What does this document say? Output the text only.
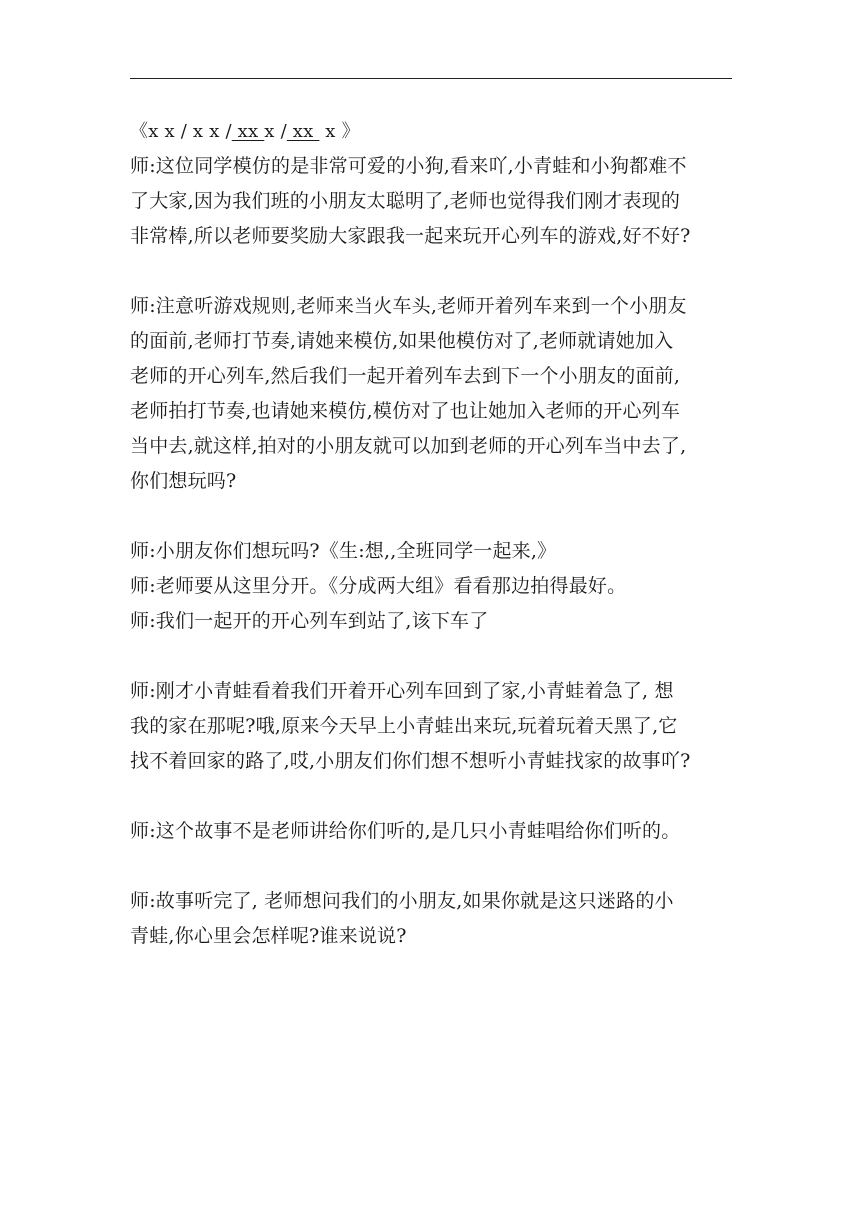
《x x / x x / xx x / xx  x 》
师:这位同学模仿的是非常可爱的小狗,看来吖,小青蛙和小狗都难不
了大家,因为我们班的小朋友太聪明了,老师也觉得我们刚才表现的
非常棒,所以老师要奖励大家跟我一起来玩开心列车的游戏,好不好?
师:注意听游戏规则,老师来当火车头,老师开着列车来到一个小朋友
的面前,老师打节奏,请她来模仿,如果他模仿对了,老师就请她加入
老师的开心列车,然后我们一起开着列车去到下一个小朋友的面前,
老师拍打节奏,也请她来模仿,模仿对了也让她加入老师的开心列车
当中去,就这样,拍对的小朋友就可以加到老师的开心列车当中去了,
你们想玩吗?
师:小朋友你们想玩吗?《生:想,,全班同学一起来,》
师:老师要从这里分开。《分成两大组》看看那边拍得最好。
师:我们一起开的开心列车到站了,该下车了
师:刚才小青蛙看着我们开着开心列车回到了家,小青蛙着急了, 想
我的家在那呢?哦,原来今天早上小青蛙出来玩,玩着玩着天黑了,它
找不着回家的路了,哎,小朋友们你们想不想听小青蛙找家的故事吖?
师:这个故事不是老师讲给你们听的,是几只小青蛙唱给你们听的。
师:故事听完了, 老师想问我们的小朋友,如果你就是这只迷路的小
青蛙,你心里会怎样呢?谁来说说?
